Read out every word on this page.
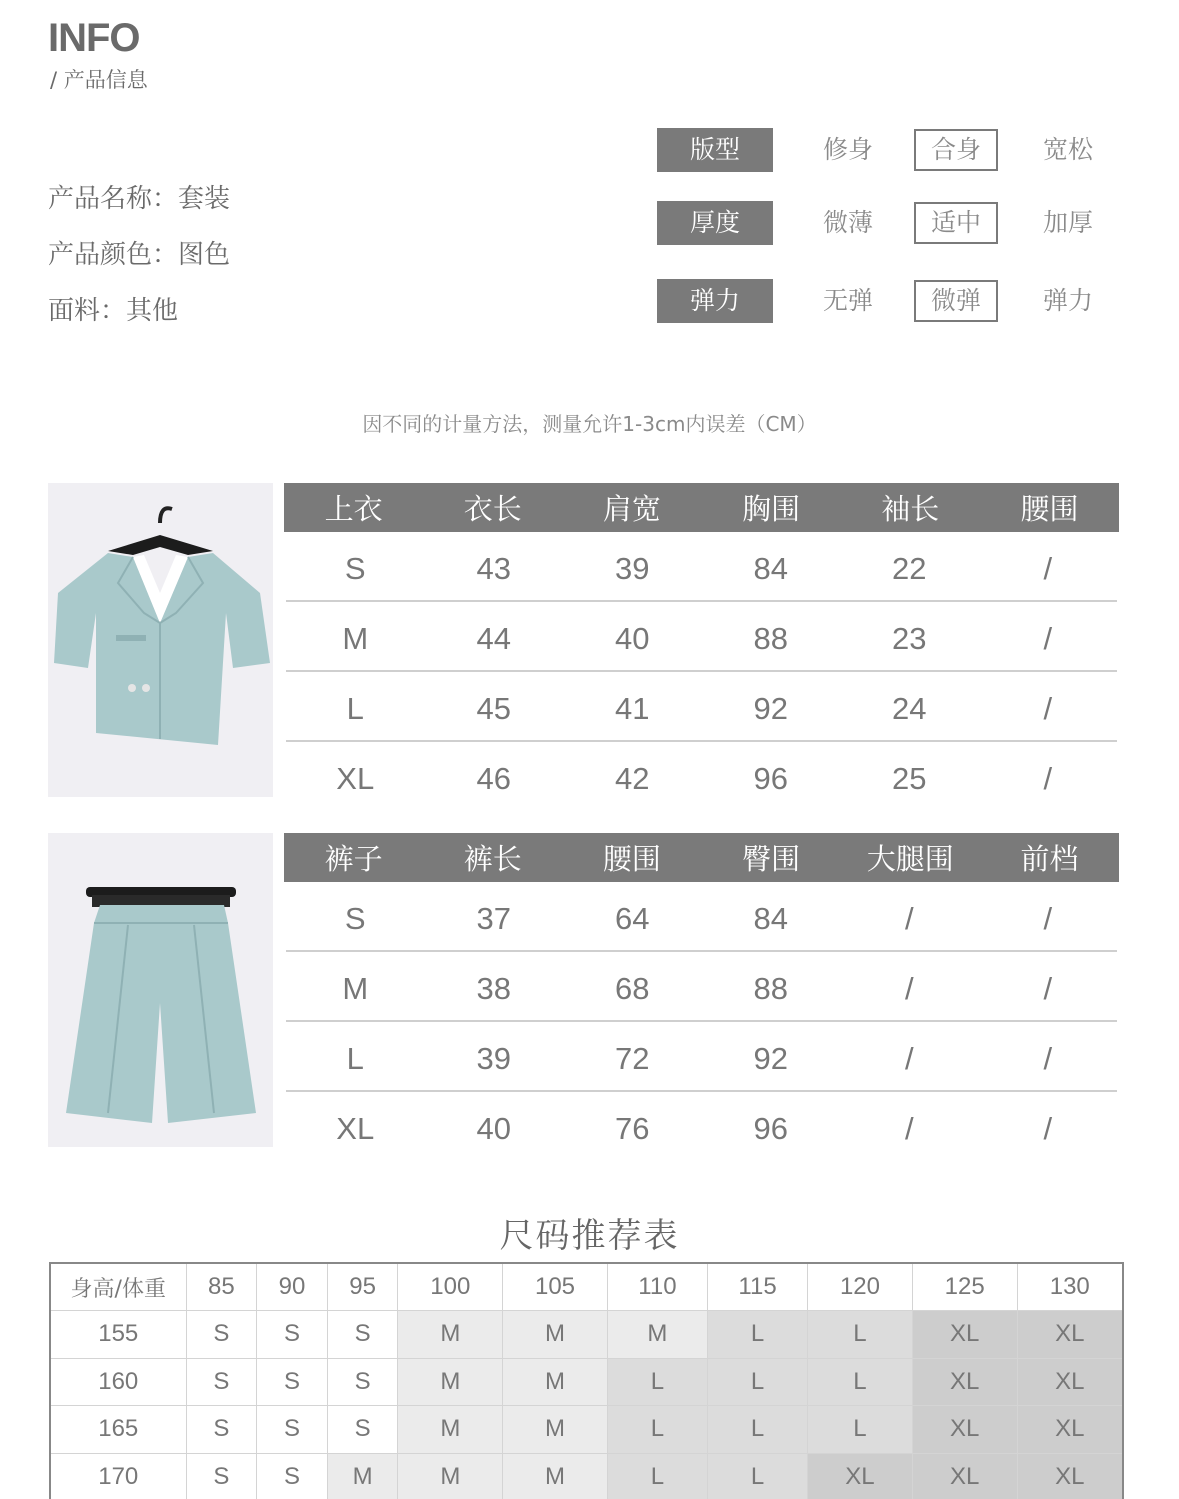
INFO
/ 产品信息
产品名称：套装
产品颜色：图色
面料：其他
版型	修身	合身	宽松
厚度	微薄	适中	加厚
弹力	无弹	微弹	弹力
因不同的计量方法，测量允许1-3cm内误差（CM）
上衣	衣长	肩宽	胸围	袖长	腰围
S	43	39	84	22	/
M	44	40	88	23	/
L	45	41	92	24	/
XL	46	42	96	25	/
裤子	裤长	腰围	臀围	大腿围	前档
S	37	64	84	/	/
M	38	68	88	/	/
L	39	72	92	/	/
XL	40	76	96	/	/
尺码推荐表
身高/体重	85	90	95	100	105	110	115	120	125	130
155	S	S	S	M	M	M	L	L	XL	XL
160	S	S	S	M	M	L	L	L	XL	XL
165	S	S	S	M	M	L	L	L	XL	XL
170	S	S	M	M	M	L	L	XL	XL	XL
